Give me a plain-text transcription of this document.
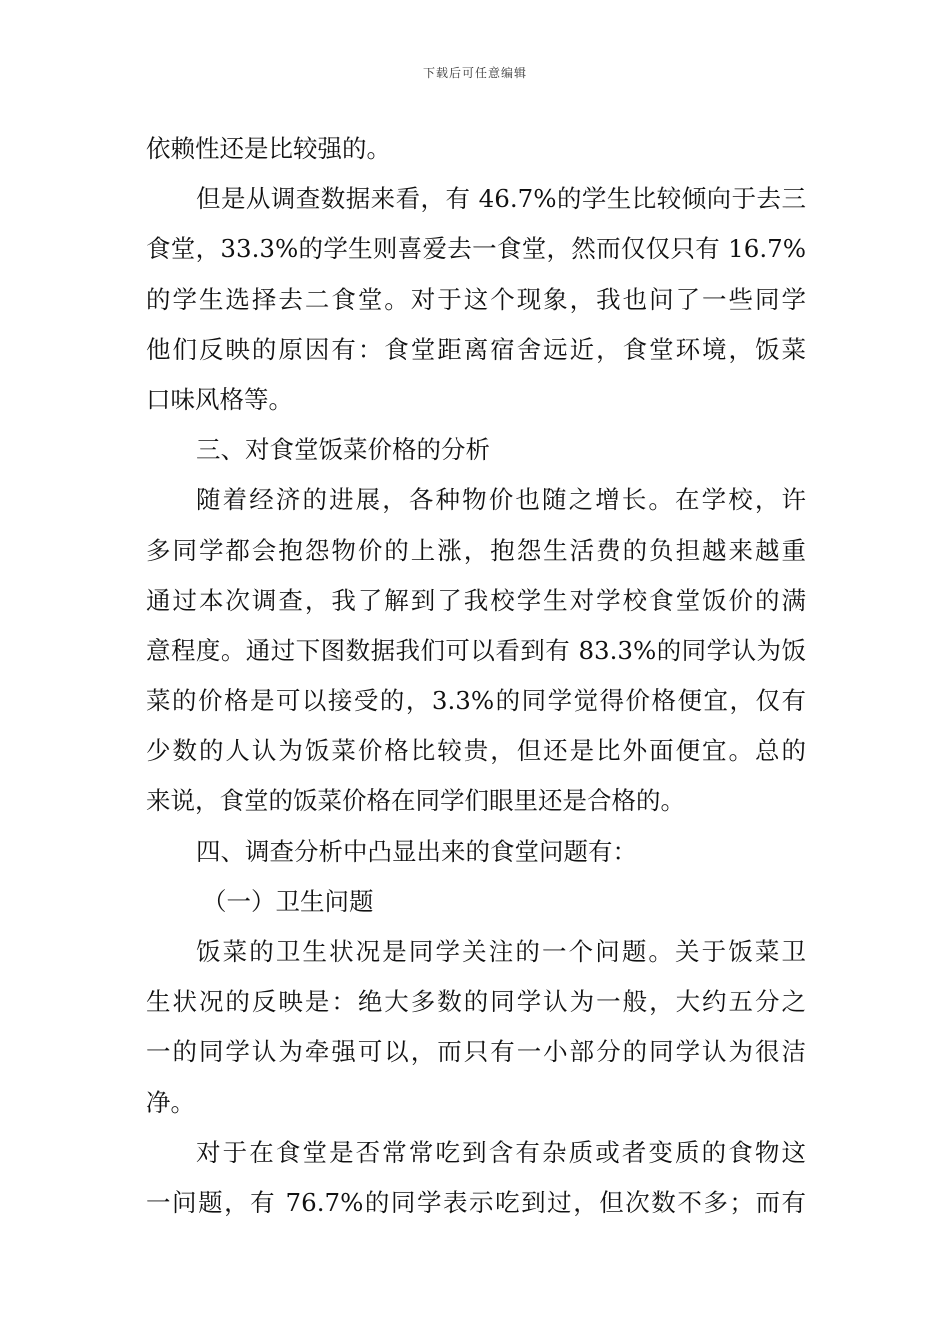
下载后可任意编辑
依赖性还是比较强的。
但是从调查数据来看，有 46.7%的学生比较倾向于去三
食堂，33.3%的学生则喜爱去一食堂，然而仅仅只有 16.7%
的学生选择去二食堂。对于这个现象，我也问了一些同学
他们反映的原因有：食堂距离宿舍远近，食堂环境，饭菜
口味风格等。
三、对食堂饭菜价格的分析
随着经济的进展，各种物价也随之增长。在学校，许
多同学都会抱怨物价的上涨，抱怨生活费的负担越来越重
通过本次调查，我了解到了我校学生对学校食堂饭价的满
意程度。通过下图数据我们可以看到有 83.3%的同学认为饭
菜的价格是可以接受的，3.3%的同学觉得价格便宜，仅有
少数的人认为饭菜价格比较贵，但还是比外面便宜。总的
来说，食堂的饭菜价格在同学们眼里还是合格的。
四、调查分析中凸显出来的食堂问题有：
（一）卫生问题
饭菜的卫生状况是同学关注的一个问题。关于饭菜卫
生状况的反映是：绝大多数的同学认为一般，大约五分之
一的同学认为牵强可以，而只有一小部分的同学认为很洁
净。
对于在食堂是否常常吃到含有杂质或者变质的食物这
一问题，有 76.7%的同学表示吃到过，但次数不多；而有
